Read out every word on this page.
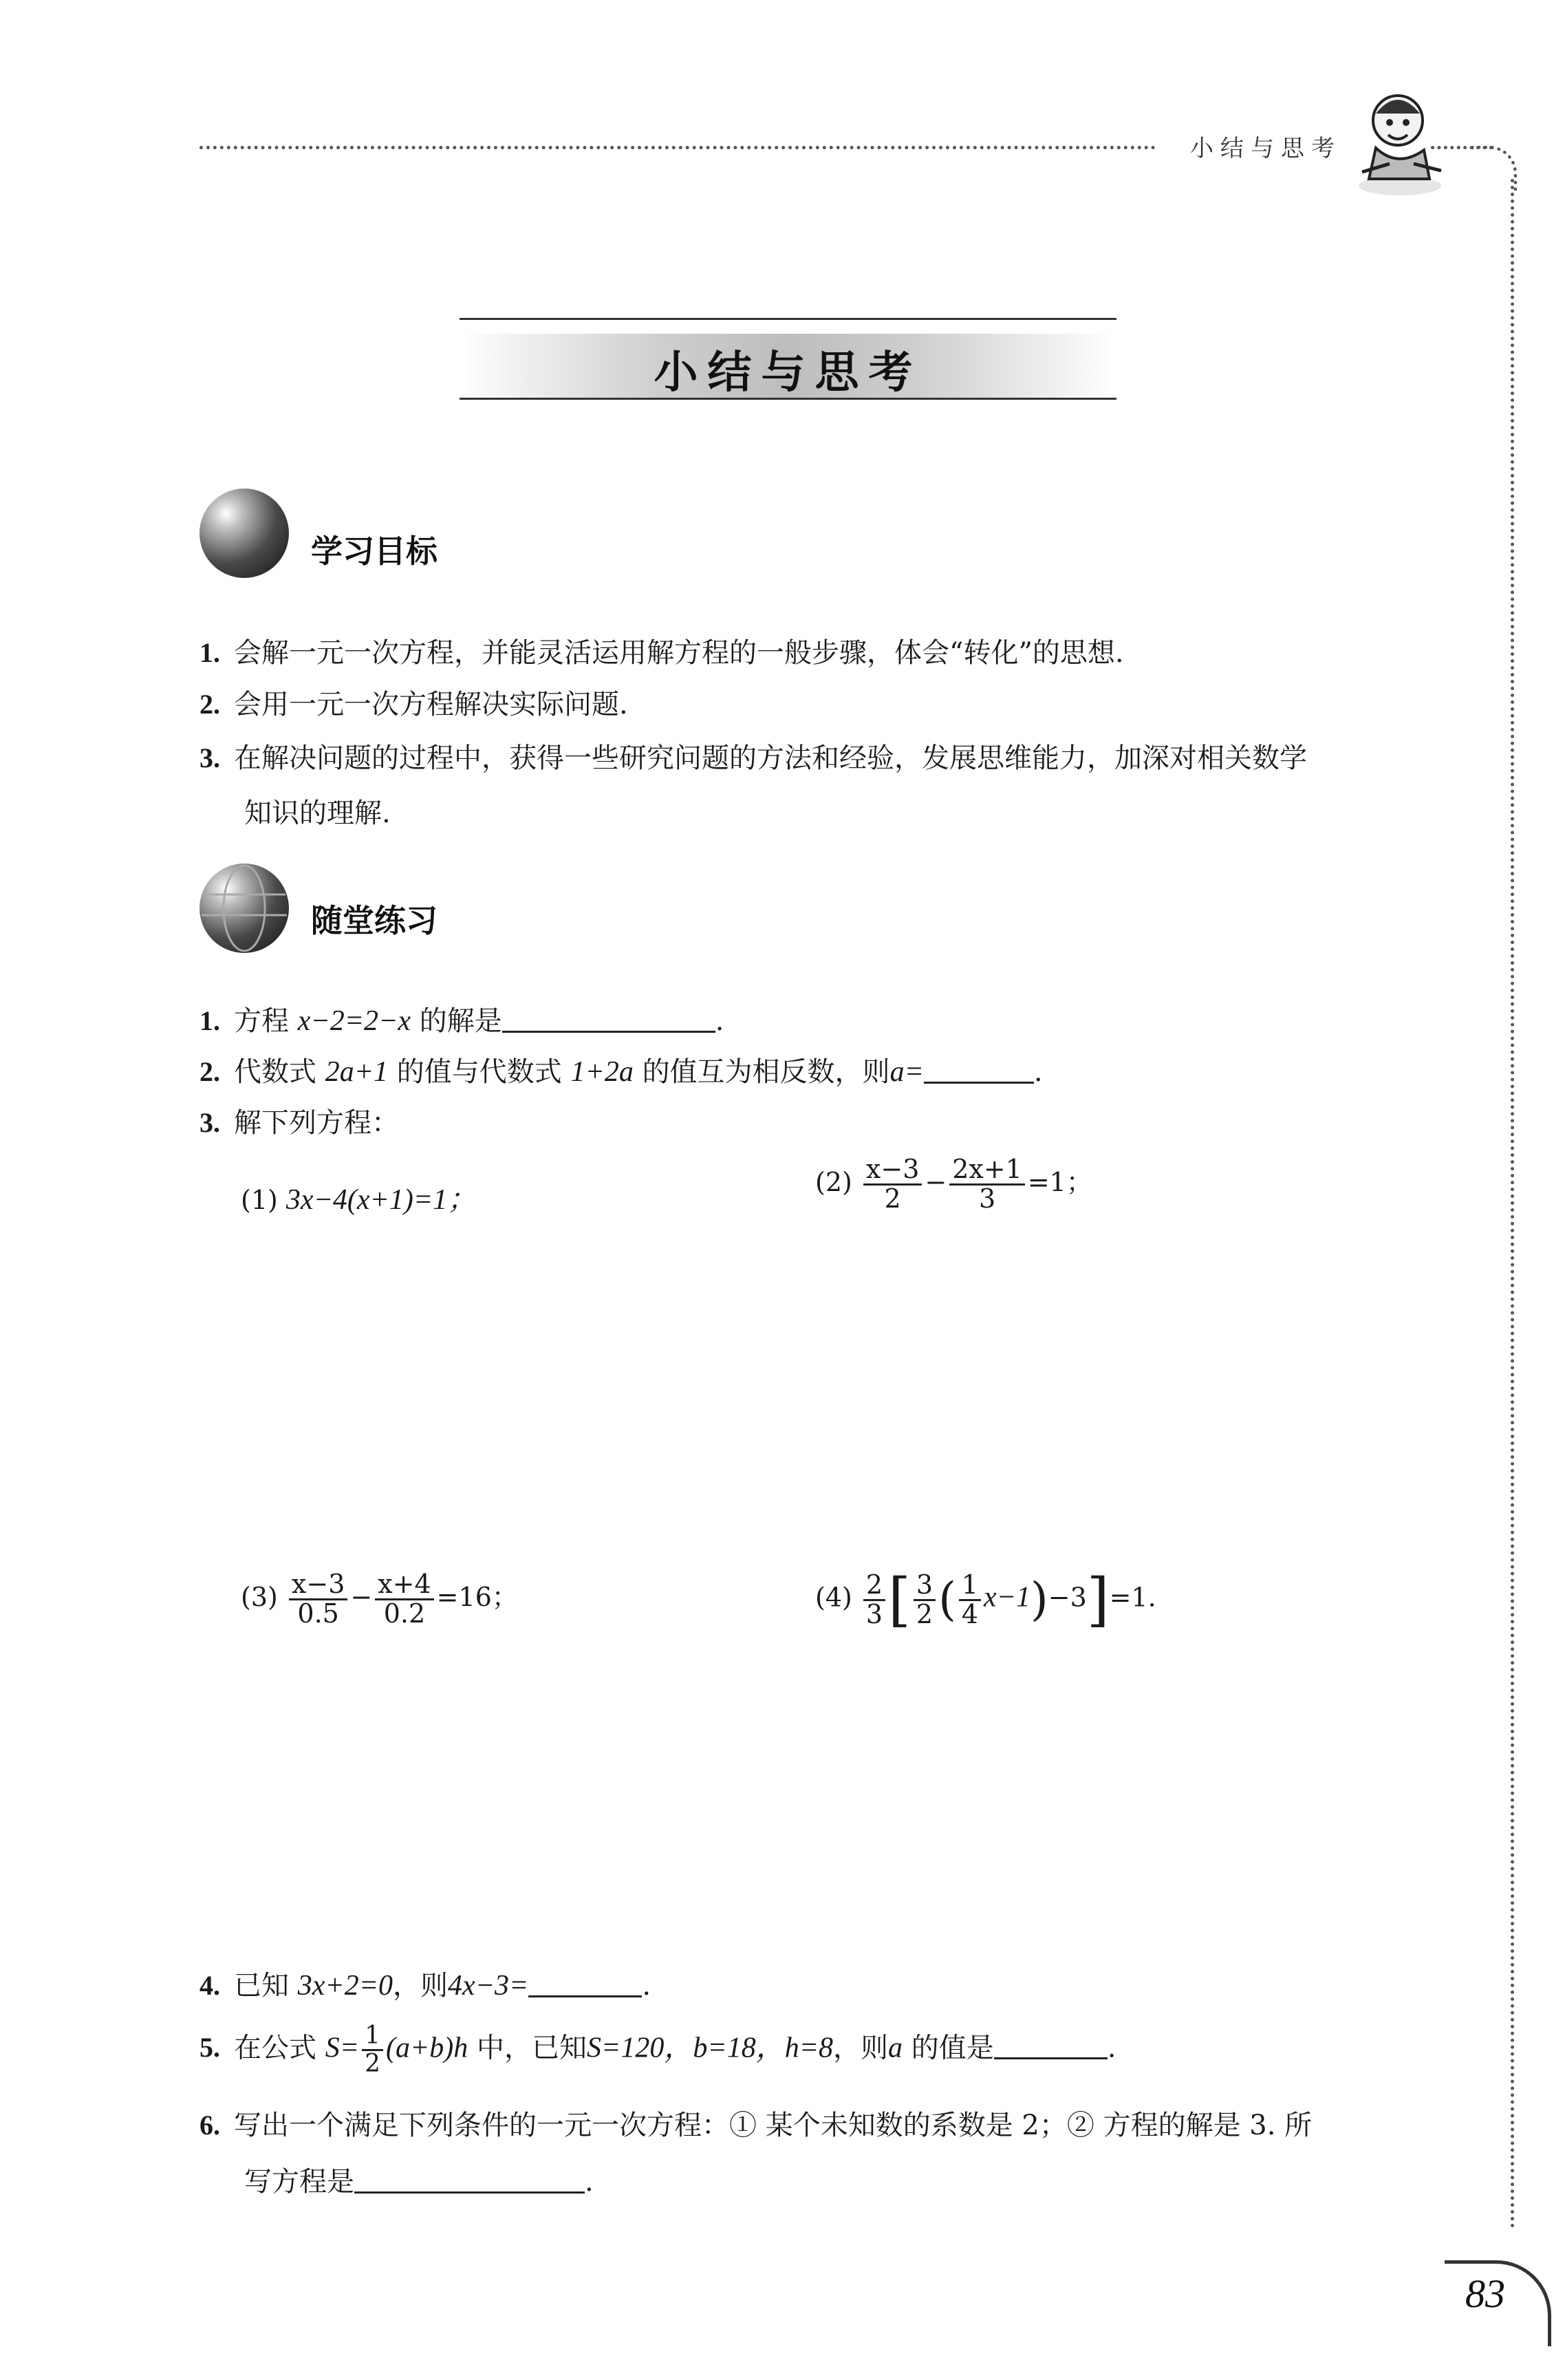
小结与思考
小结与思考
学习目标
1. 会解一元一次方程，并能灵活运用解方程的一般步骤，体会“转化”的思想.
2. 会用一元一次方程解决实际问题.
3. 在解决问题的过程中，获得一些研究问题的方法和经验，发展思维能力，加深对相关数学
知识的理解.
随堂练习
1. 方程 x−2=2−x 的解是	.
2. 代数式 2a+1 的值与代数式 1+2a 的值互为相反数，则a=	.
3. 解下列方程：
(1) 3x−4(x+1)=1；
$(2) \frac{x-3}{2} - \frac{2x+1}{3} =1$；
$(3) \frac{x-3}{0.5} - \frac{x+4}{0.2} =16$；	$(4) \frac{2}{3}$ [ $\frac{3}{2}$ ( $\frac{1}{4} x-1)-3]=1$.
4. 已知 3x+2=0，则4x−3=	.
5. 在公式 $S= \frac{1}{2} (a+b)h$ 中，已知S=120，b=18，h=8，则a 的值是	.
6. 写出一个满足下列条件的一元一次方程：① 某个未知数的系数是 2；② 方程的解是 3. 所
写方程是	.
83
